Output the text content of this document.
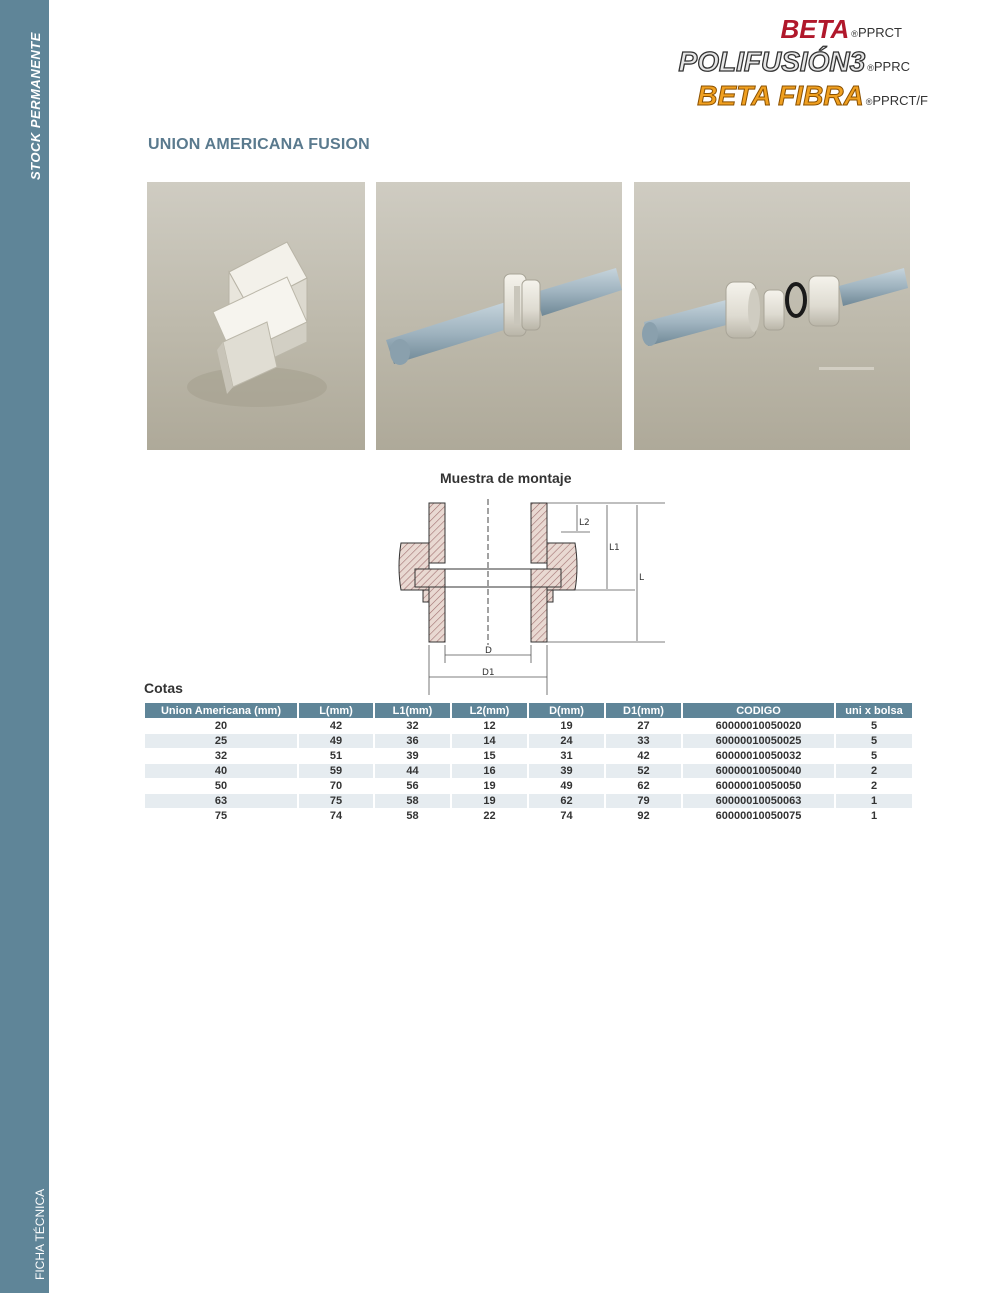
STOCK PERMANENTE
FICHA TÉCNICA
BETA ®PPRCT
POLIFUSIÓN3 ®PPRC
BETA FIBRA ®PPRCT/F
UNION AMERICANA FUSION
Muestra de montaje
L2
L1
L
D
D1
Cotas
Union Americana (mm)	L(mm)	L1(mm)	L2(mm)	D(mm)	D1(mm)	CODIGO	uni x bolsa
20	42	32	12	19	27	60000010050020	5
25	49	36	14	24	33	60000010050025	5
32	51	39	15	31	42	60000010050032	5
40	59	44	16	39	52	60000010050040	2
50	70	56	19	49	62	60000010050050	2
63	75	58	19	62	79	60000010050063	1
75	74	58	22	74	92	60000010050075	1
